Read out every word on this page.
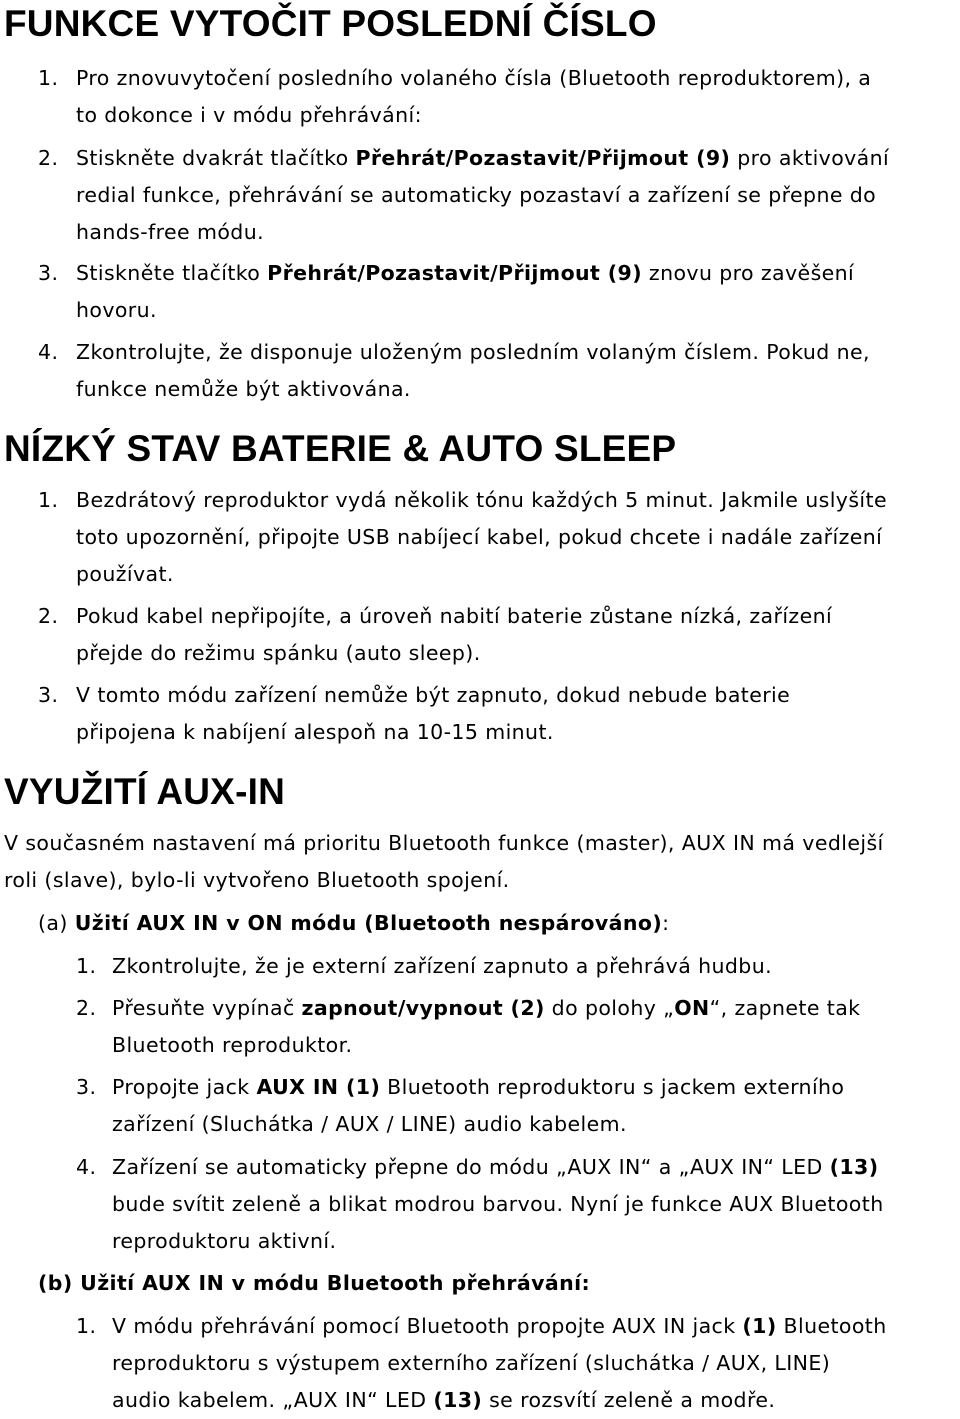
FUNKCE VYTOČIT POSLEDNÍ ČÍSLO
1. Pro znovuvytočení posledního volaného čísla (Bluetooth reproduktorem), a

to dokonce i v módu přehrávání:

2. Stiskněte dvakrát tlačítko Přehrát/Pozastavit/Přijmout (9) pro aktivování

redial funkce, přehrávání se automaticky pozastaví a zařízení se přepne do

hands-free módu.

3. Stiskněte tlačítko Přehrát/Pozastavit/Přijmout (9) znovu pro zavěšení

hovoru.

4. Zkontrolujte, že disponuje uloženým posledním volaným číslem. Pokud ne,

funkce nemůže být aktivována.

NÍZKÝ STAV BATERIE & AUTO SLEEP
1. Bezdrátový reproduktor vydá několik tónu každých 5 minut. Jakmile uslyšíte

toto upozornění, připojte USB nabíjecí kabel, pokud chcete i nadále zařízení

používat.

2. Pokud kabel nepřipojíte, a úroveň nabití baterie zůstane nízká, zařízení

přejde do režimu spánku (auto sleep).

3. V tomto módu zařízení nemůže být zapnuto, dokud nebude baterie

připojena k nabíjení alespoň na 10-15 minut.

VYUŽITÍ AUX-IN

V současném nastavení má prioritu Bluetooth funkce (master), AUX IN má vedlejší

roli (slave), bylo-li vytvořeno Bluetooth spojení.

(a) Užití AUX IN v ON módu (Bluetooth nespárováno):

1. Zkontrolujte, že je externí zařízení zapnuto a přehrává hudbu.

2. Přesuňte vypínač zapnout/vypnout (2) do polohy „ON“, zapnete tak

Bluetooth reproduktor.

3. Propojte jack AUX IN (1) Bluetooth reproduktoru s jackem externího

zařízení (Sluchátka / AUX / LINE) audio kabelem.

4. Zařízení se automaticky přepne do módu „AUX IN“ a „AUX IN“ LED (13)

bude svítit zeleně a blikat modrou barvou. Nyní je funkce AUX Bluetooth

reproduktoru aktivní.

(b) Užití AUX IN v módu Bluetooth přehrávání:

1. V módu přehrávání pomocí Bluetooth propojte AUX IN jack (1) Bluetooth

reproduktoru s výstupem externího zařízení (sluchátka / AUX, LINE)

audio kabelem. „AUX IN“ LED (13) se rozsvítí zeleně a modře.
